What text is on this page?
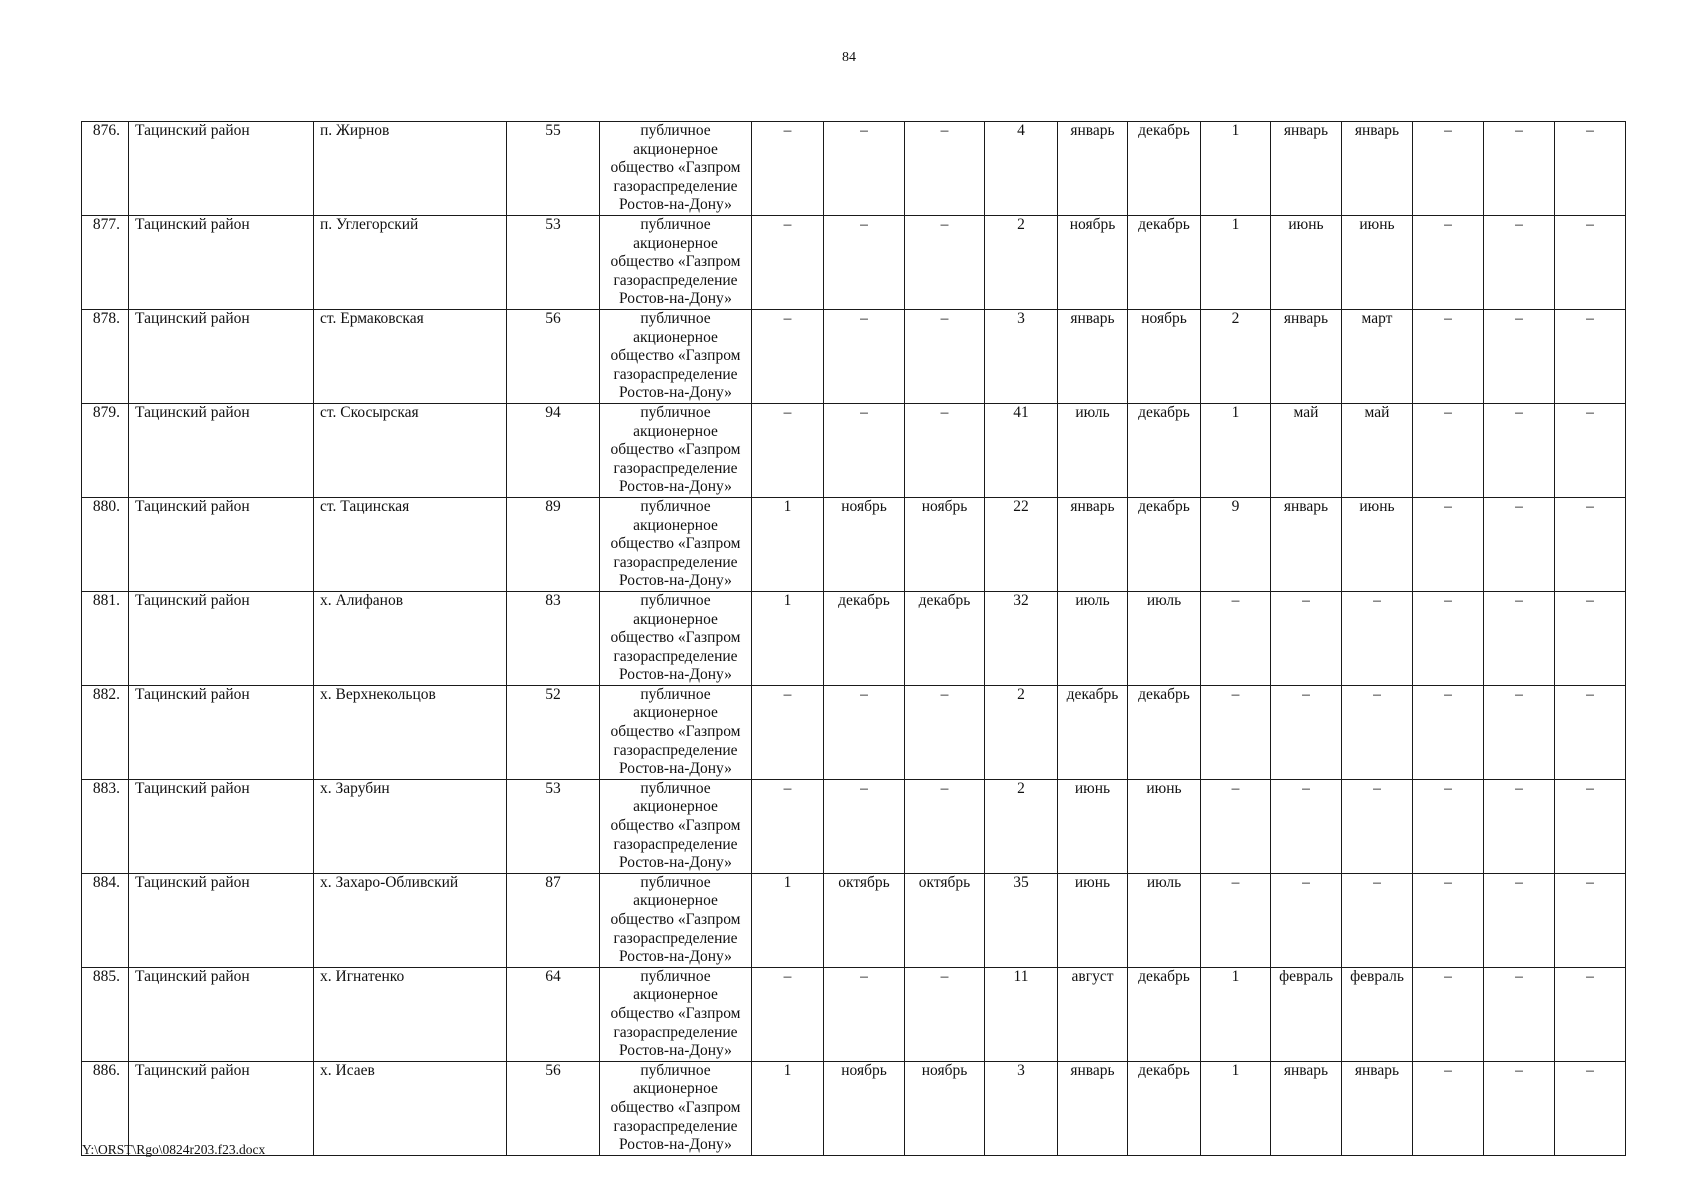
84
876.	Тацинский район	п. Жирнов	55	публичное акционерное общество «Газпром газораспределение Ростов-на-Дону»	–	–	–	4	январь	декабрь	1	январь	январь	–	–	–
877.	Тацинский район	п. Углегорский	53	публичное акционерное общество «Газпром газораспределение Ростов-на-Дону»	–	–	–	2	ноябрь	декабрь	1	июнь	июнь	–	–	–
878.	Тацинский район	ст. Ермаковская	56	публичное акционерное общество «Газпром газораспределение Ростов-на-Дону»	–	–	–	3	январь	ноябрь	2	январь	март	–	–	–
879.	Тацинский район	ст. Скосырская	94	публичное акционерное общество «Газпром газораспределение Ростов-на-Дону»	–	–	–	41	июль	декабрь	1	май	май	–	–	–
880.	Тацинский район	ст. Тацинская	89	публичное акционерное общество «Газпром газораспределение Ростов-на-Дону»	1	ноябрь	ноябрь	22	январь	декабрь	9	январь	июнь	–	–	–
881.	Тацинский район	х. Алифанов	83	публичное акционерное общество «Газпром газораспределение Ростов-на-Дону»	1	декабрь	декабрь	32	июль	июль	–	–	–	–	–	–
882.	Тацинский район	х. Верхнекольцов	52	публичное акционерное общество «Газпром газораспределение Ростов-на-Дону»	–	–	–	2	декабрь	декабрь	–	–	–	–	–	–
883.	Тацинский район	х. Зарубин	53	публичное акционерное общество «Газпром газораспределение Ростов-на-Дону»	–	–	–	2	июнь	июнь	–	–	–	–	–	–
884.	Тацинский район	х. Захаро-Обливский	87	публичное акционерное общество «Газпром газораспределение Ростов-на-Дону»	1	октябрь	октябрь	35	июнь	июль	–	–	–	–	–	–
885.	Тацинский район	х. Игнатенко	64	публичное акционерное общество «Газпром газораспределение Ростов-на-Дону»	–	–	–	11	август	декабрь	1	февраль	февраль	–	–	–
886.	Тацинский район	х. Исаев	56	публичное акционерное общество «Газпром газораспределение Ростов-на-Дону»	1	ноябрь	ноябрь	3	январь	декабрь	1	январь	январь	–	–	–
Y:\ORST\Rgo\0824r203.f23.docx
